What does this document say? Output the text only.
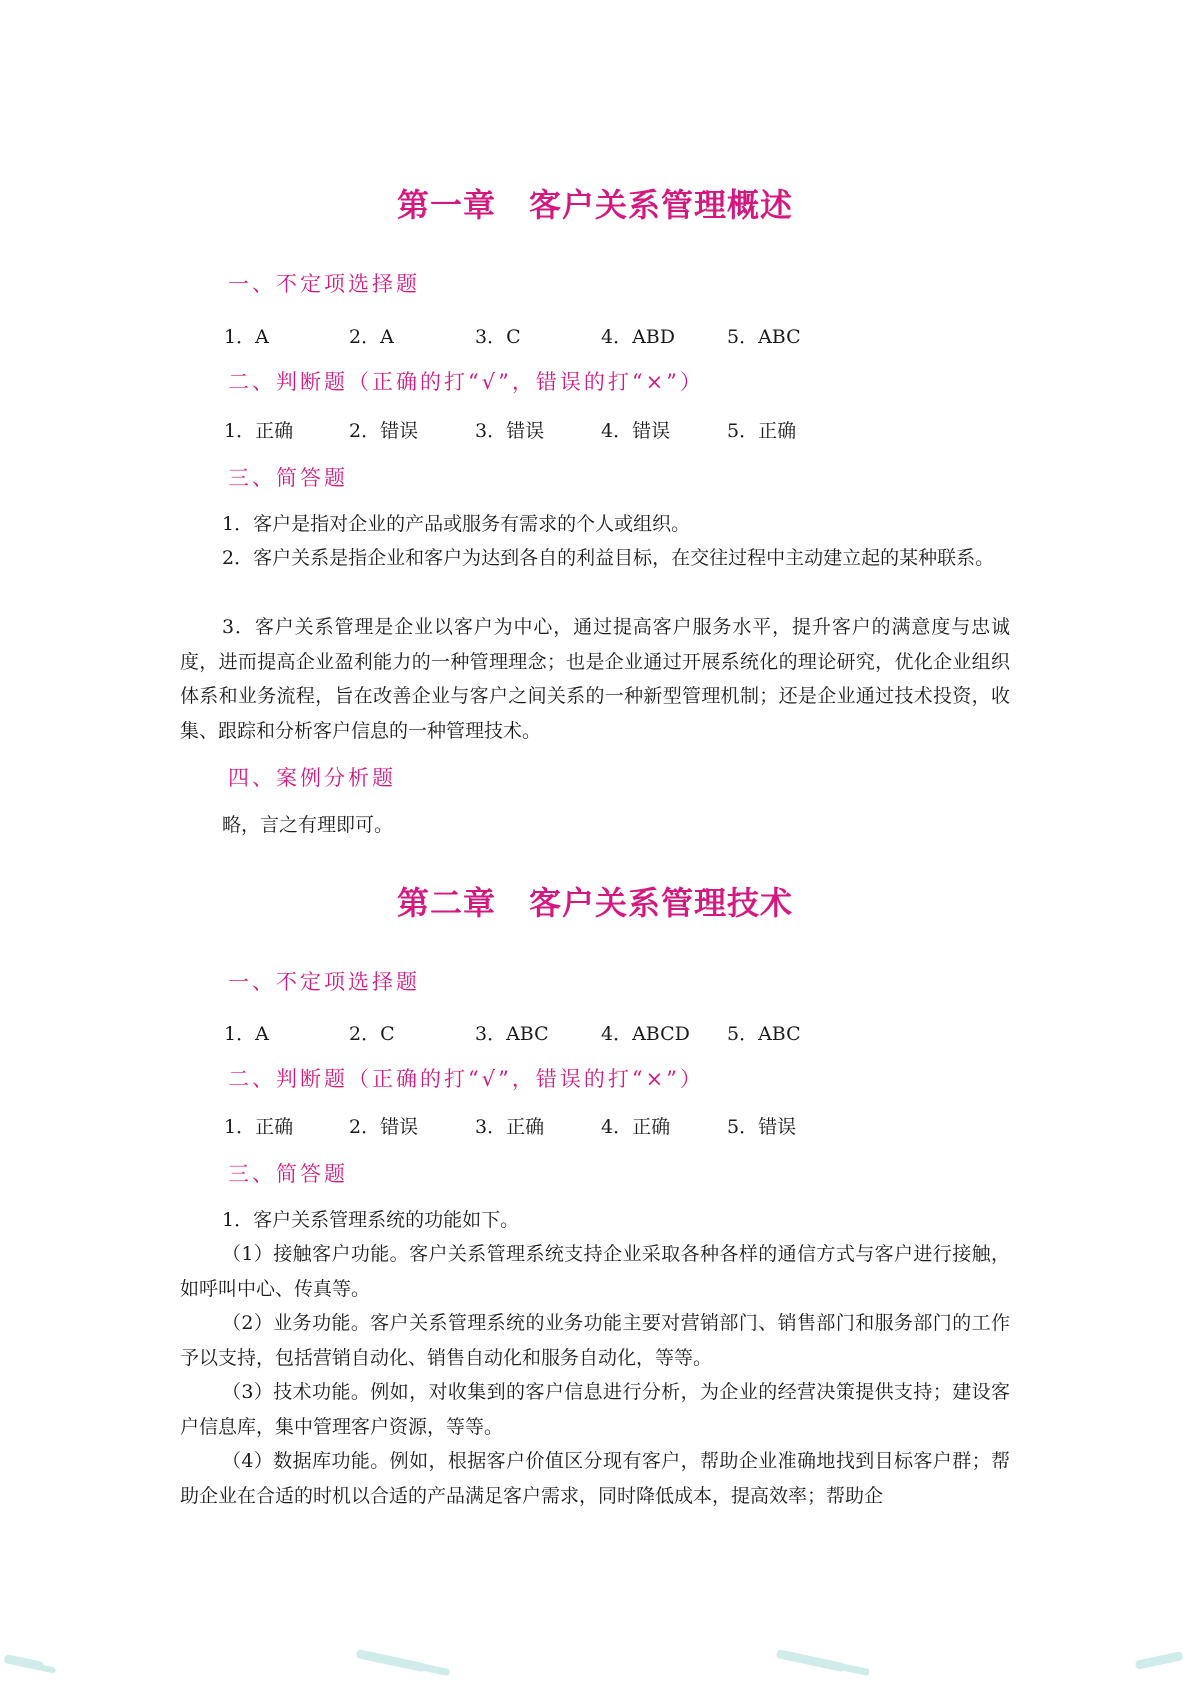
第一章　客户关系管理概述
一、不定项选择题
1．A	2．A	3．C	4．ABD	5．ABC
二、判断题（正确的打“√”，错误的打“×”）
1．正确	2．错误	3．错误	4．错误	5．正确
三、简答题
1．客户是指对企业的产品或服务有需求的个人或组织。
2．客户关系是指企业和客户为达到各自的利益目标，在交往过程中主动建立起的某种联系。
3．客户关系管理是企业以客户为中心，通过提高客户服务水平，提升客户的满意度与忠诚度，进而提高企业盈利能力的一种管理理念；也是企业通过开展系统化的理论研究，优化企业组织体系和业务流程，旨在改善企业与客户之间关系的一种新型管理机制；还是企业通过技术投资，收集、跟踪和分析客户信息的一种管理技术。
四、案例分析题
略，言之有理即可。
第二章　客户关系管理技术
一、不定项选择题
1．A	2．C	3．ABC	4．ABCD 5．ABC
二、判断题（正确的打“√”，错误的打“×”）
1．正确	2．错误	3．正确	4．正确	5．错误
三、简答题
1．客户关系管理系统的功能如下。
（1）接触客户功能。客户关系管理系统支持企业采取各种各样的通信方式与客户进行接触，如呼叫中心、传真等。
（2）业务功能。客户关系管理系统的业务功能主要对营销部门、销售部门和服务部门的工作予以支持，包括营销自动化、销售自动化和服务自动化，等等。
（3）技术功能。例如，对收集到的客户信息进行分析，为企业的经营决策提供支持；建设客户信息库，集中管理客户资源，等等。
（4）数据库功能。例如，根据客户价值区分现有客户，帮助企业准确地找到目标客户群；帮助企业在合适的时机以合适的产品满足客户需求，同时降低成本，提高效率；帮助企
